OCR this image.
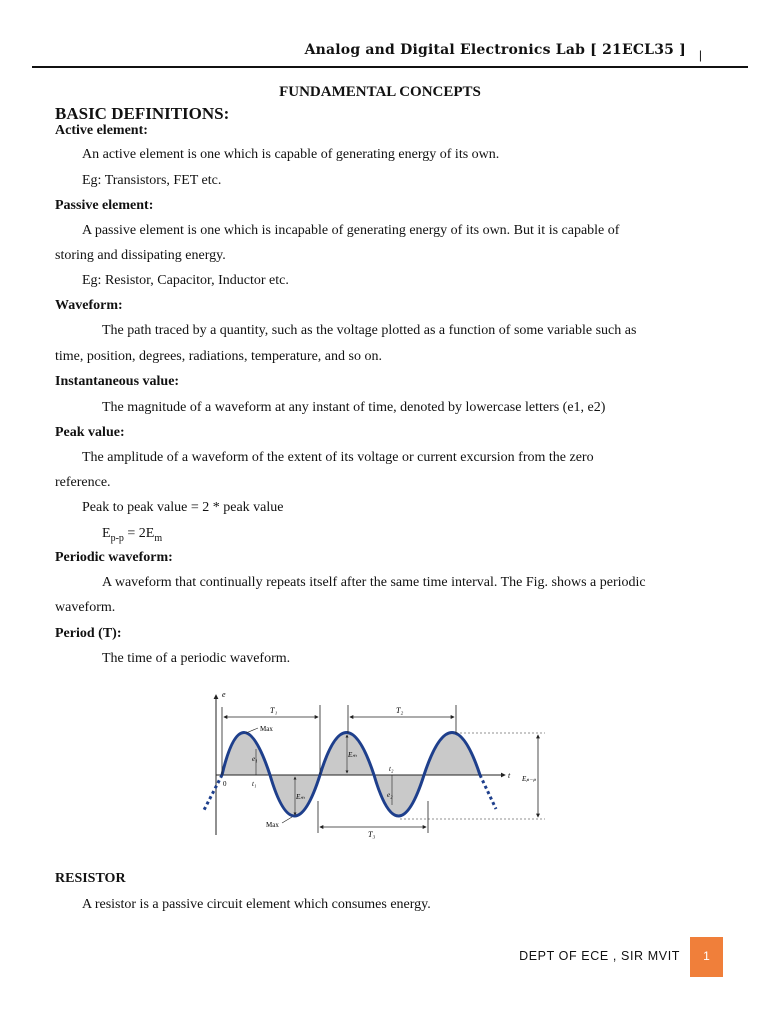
Analog and Digital Electronics Lab [ 21ECL35 ] |
FUNDAMENTAL CONCEPTS
BASIC DEFINITIONS:
Active element:
An active element is one which is capable of generating energy of its own.
Eg: Transistors, FET etc.
Passive element:
A passive element is one which is incapable of generating energy of its own. But it is capable of
storing and dissipating energy.
Eg: Resistor, Capacitor, Inductor etc.
Waveform:
The path traced by a quantity, such as the voltage plotted as a function of some variable such as
time, position, degrees, radiations, temperature, and so on.
Instantaneous value:
The magnitude of a waveform at any instant of time, denoted by lowercase letters (e1, e2)
Peak value:
The amplitude of a waveform of the extent of its voltage or current excursion from the zero
reference.
Peak to peak value = 2 * peak value
$E_{p-p} = 2E_m$
Periodic waveform:
A waveform that continually repeats itself after the same time interval. The Fig. shows a periodic
waveform.
Period (T):
The time of a periodic waveform.
e
t
0
T₁	T₂
T₃
Max
Max
e₁
t₁
Eₘ
Eₘ
e₂
t₂
Eₚ₋ₚ
RESISTOR
A resistor is a passive circuit element which consumes energy.
DEPT OF ECE , SIR MVIT	1
